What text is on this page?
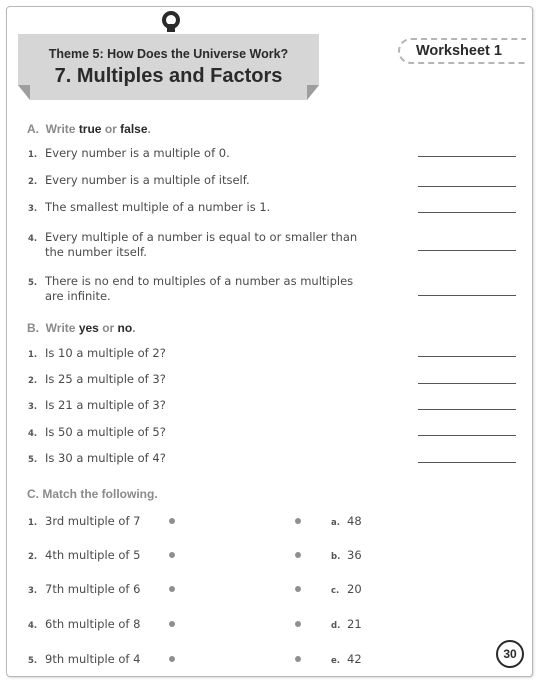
Theme 5: How Does the Universe Work?
7. Multiples and Factors
Worksheet 1
A. Write true or false.
1. Every number is a multiple of 0.
2. Every number is a multiple of itself.
3. The smallest multiple of a number is 1.
4. Every multiple of a number is equal to or smaller than
the number itself.
5. There is no end to multiples of a number as multiples
are infinite.
B. Write yes or no.
1. Is 10 a multiple of 2?
2. Is 25 a multiple of 3?
3. Is 21 a multiple of 3?
4. Is 50 a multiple of 5?
5. Is 30 a multiple of 4?
C. Match the following.
1. 3rd multiple of 7	a. 48
2. 4th multiple of 5	b. 36
3. 7th multiple of 6	c. 20
4. 6th multiple of 8	d. 21
5. 9th multiple of 4	e. 42	30
